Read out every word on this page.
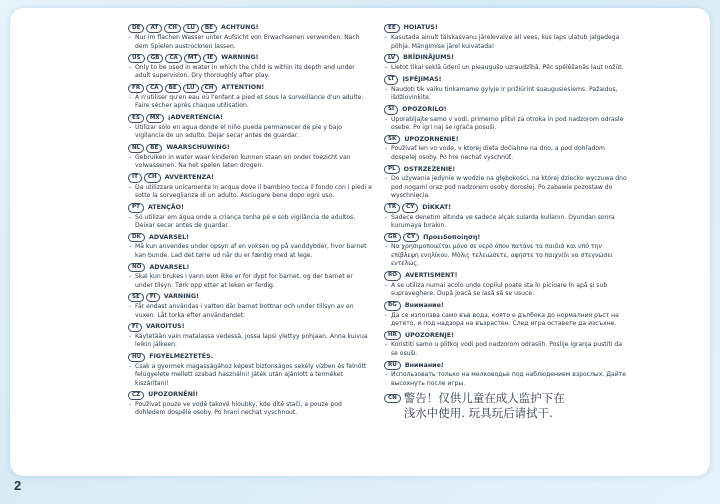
DE	AT	CH	LU	BE	ACHTUNG!
- Nur im flachen Wasser unter Aufsicht von Erwachsenen verwenden. Nach dem Spielen austrocknen lassen.
US	GB	CA	MT	IE	WARNING!
- Only to be used in water in which the child is within its depth and under adult supervision. Dry thoroughly after play.
FR	CA	BE	LU	CH	ATTENTION!
- À n'utiliser qu'en eau où l'enfant a pied et sous la surveillance d'un adulte. Faire sécher après chaque utilisation.
ES	MX	¡ADVERTENCIA!
- Utilizar sólo en agua donde el niño pueda permanecer de pie y bajo vigilancia de un adulto. Dejar secar antes de guardar.
NL	BE	WAARSCHUWING!
- Gebruiken in water waar kinderen kunnen staan en onder toezicht van volwassenen. Na het spelen laten drogen.
IT	CH	AVVERTENZA!
- Da utilizzare unicamente in acqua dove il bambino tocca il fondo con i piedi e sotto la sorveglianza di un adulto. Asciugare bene dopo ogni uso.
PT	ATENÇÃO!
- Só utilizar em água onde a criança tenha pé e sob vigilância de adultos. Deixar secar antes de guardar.
DK	ADVARSEL!
- Må kun anvendes under opsyn af en voksen og på vanddybder, hvor barnet kan bunde. Lad det tørre ud når du er færdig med at lege.
NO	ADVARSEL!
- Skal kun brukes i vann som ikke er for dypt for barnet, og der barnet er under tilsyn. Tørk opp etter at leken er ferdig.
SE	FI	VARNING!
- Får endast användas i vatten där barnet bottnar och under tillsyn av en vuxen. Låt torka efter användandet.
FI	VAROITUS!
- Käytetään vain matalassa vedessä, jossa lapsi ylettyy pohjaan. Anna kuivua leikin jälkeen.
HU	FIGYELMEZTETÉS.
- Csak a gyermek magasságához képest biztonságos sekély vízben és felnőtt felügyelete mellett szabad használni! Játék után ajánlott a terméket kiszárítani!
CZ	UPOZORNĚNÍ!
- Používat pouze ve vodě takové hloubky, kde dítě stačí, a pouze pod dohledem dospělé osoby. Po hraní nechat vyschnout.
EE	HOIATUS!
- Kasutada ainult täiskasvanu järelevalve all vees, kus laps ulatub jalgadega põhja. Mängimise järel kuivatada!
LV	BRĪDINĀJUMS!
- Lietot tikai seklā ūdenī un pieaugušo uzraudzībā. Pēc spēlēšanās ļaut nožūt.
LT	ĮSPĖJIMAS!
- Naudoti tik vaiku tinkamame gylyje ir prižiūrint suaugusiesiems. Pažaidus, išdžiovinkite.
SI	OPOZORILO!
- Uporabljajte samo v vodi, primerno plitvi za otroka in pod nadzorom odrasle osebe. Po igri naj se igrača posuši.
SK	UPOZORNENIE!
- Používať len vo vode, v ktorej dieťa dočiahne na dno, a pod dohľadom dospelej osoby. Po hre nechať vyschnúť.
PL	OSTRZEŻENIE!
- Do używania jedynie w wodzie na głębokości, na której dziecko wyczuwa dno pod nogami oraz pod nadzorem osoby dorosłej. Po zabawie pozostaw do wyschnięcia.
TR	CY	DİKKAT!
- Sadece denetim altında ve sadece alçak sularda kullanın. Oyundan sonra kurumaya bırakın.
GR	CY	Προειδοποίηση!
- Να χρησιμοποιείται μόνο σε νερό όπου πατάνε τα παιδιά και υπό την επίβλεψη ενηλίκου. Μόλις τελειώσετε, αφήστε το παιχνίδι να στεγνώσει εντελώς.
RO	AVERTISMENT!
- A se utiliza numai acolo unde copilul poate sta în picioare în apă și sub supraveghere. După joacă se lasă să se usuce.
BG	Внимание!
- Да се използва само във вода, която е дълбока до нормалния ръст на детето, и под надзора на възрастен. След игра оставете да изсъхне.
HR	UPOZORENJE!
- Koristiti samo u plitkoj vodi pod nadzorom odraslih. Poslije igranja pustiti da se osuši.
RU	Внимание!
- Использовать только на мелководье под наблюдением взрослых. Дайте высохнуть после игры.
CN 警告！仅供儿童在成人监护下在
浅水中使用. 玩具玩后请拭干.
2
